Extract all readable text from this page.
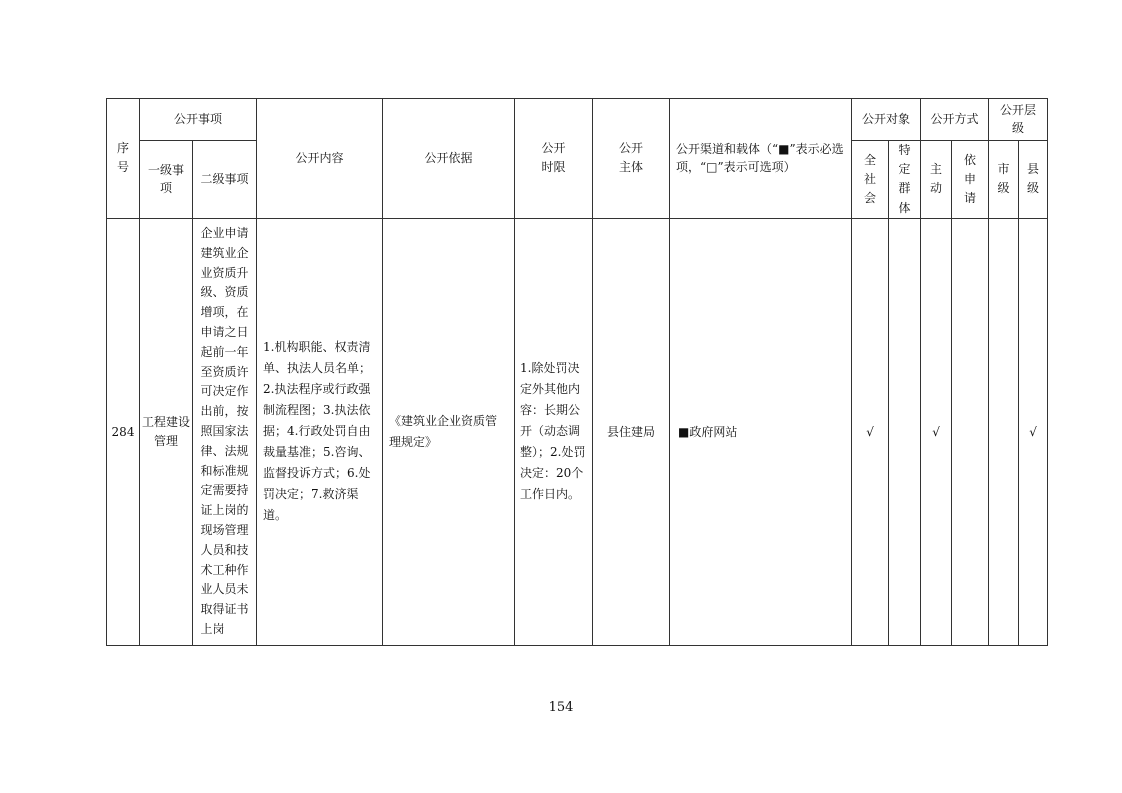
序号	公开事项		公开内容	公开依据	公开时限	公开主体	公开渠道和载体（“■”表示必选项，“□”表示可选项）	公开对象		公开方式		公开层级	
	一级事项	二级事项						全社会	特定群体	主动	依申请	市级	县级
284	工程建设管理	企业申请建筑业企业资质升级、资质增项，在申请之日起前一年至资质许可决定作出前，按照国家法律、法规和标准规定需要持证上岗的现场管理人员和技术工种作业人员未取得证书上岗	1.机构职能、权责清单、执法人员名单；2.执法程序或行政强制流程图；3.执法依据；4.行政处罚自由裁量基准；5.咨询、监督投诉方式；6.处罚决定；7.救济渠道。	《建筑业企业资质管理规定》	1.除处罚决定外其他内容：长期公开（动态调整）；2.处罚决定：20个工作日内。	县住建局	■政府网站	√		√			√
154
